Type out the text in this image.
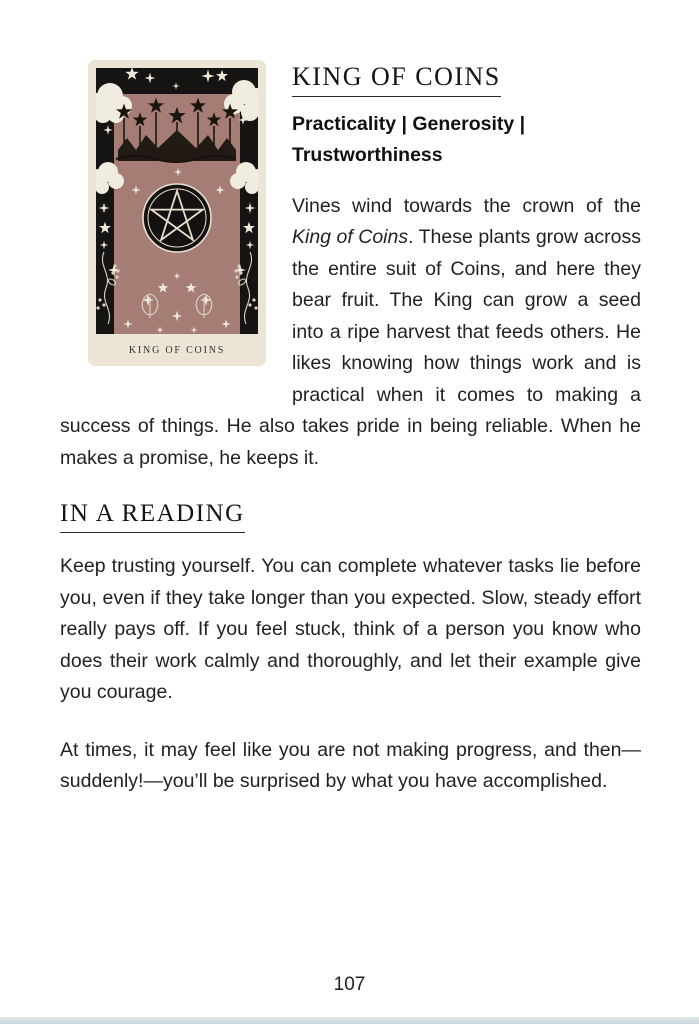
KING OF COINS
KING OF COINS

Practicality | Generosity | Trustworthiness

Vines wind towards the crown of the King of Coins. These plants grow across the entire suit of Coins, and here they bear fruit. The King can grow a seed into a ripe harvest that feeds others. He likes knowing how things work and is practical when it comes to making a success of things. He also takes pride in being reliable. When he makes a promise, he keeps it.

IN A READING

Keep trusting yourself. You can complete whatever tasks lie before you, even if they take longer than you expected. Slow, steady effort really pays off. If you feel stuck, think of a person you know who does their work calmly and thoroughly, and let their example give you courage.

At times, it may feel like you are not making progress, and then—suddenly!—you’ll be surprised by what you have accomplished.

107
